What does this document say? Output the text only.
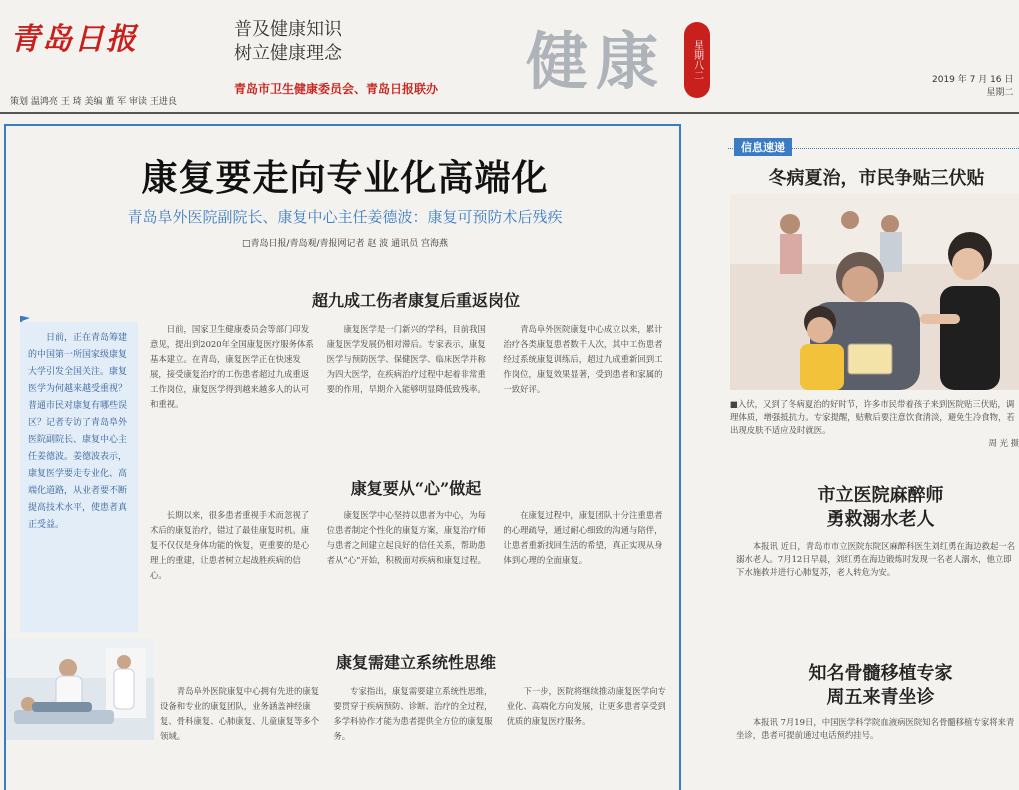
青岛日报
策划 温鸿亮 王 琦 美编 董 军 审读 王进良
普及健康知识
树立健康理念
青岛市卫生健康委员会、青岛日报联办 健康	星期八二	2019 年 7 月 16 日
星期二
康复要走向专业化高端化
青岛阜外医院副院长、康复中心主任姜德波：康复可预防术后残疾
□青岛日报/青岛观/青报网记者 赵 波 通讯员 宫海燕

日前，正在青岛筹建的中国第一所国家级康复大学引发全国关注。康复医学为何越来越受重视？普通市民对康复有哪些误区？记者专访了青岛阜外医院副院长、康复中心主任姜德波。姜德波表示，康复医学要走专业化、高端化道路，从业者要不断提高技术水平，使患者真正受益。

超九成工伤者康复后重返岗位

日前，国家卫生健康委员会等部门印发意见，提出到2020年全国康复医疗服务体系基本建立。在青岛，康复医学正在快速发展，接受康复治疗的工伤患者超过九成重返工作岗位，康复医学得到越来越多人的认可和重视。

康复医学是一门新兴的学科，目前我国康复医学发展仍相对滞后。专家表示，康复医学与预防医学、保健医学、临床医学并称为四大医学，在疾病治疗过程中起着非常重要的作用，早期介入能够明显降低致残率。

青岛阜外医院康复中心成立以来，累计治疗各类康复患者数千人次，其中工伤患者经过系统康复训练后，超过九成重新回到工作岗位，康复效果显著，受到患者和家属的一致好评。

康复要从“心”做起

长期以来，很多患者重视手术而忽视了术后的康复治疗，错过了最佳康复时机。康复不仅仅是身体功能的恢复，更重要的是心理上的重建，让患者树立起战胜疾病的信心。

康复医学中心坚持以患者为中心，为每位患者制定个性化的康复方案，康复治疗师与患者之间建立起良好的信任关系，帮助患者从“心”开始，积极面对疾病和康复过程。

在康复过程中，康复团队十分注重患者的心理疏导，通过耐心细致的沟通与陪伴，让患者重新找回生活的希望，真正实现从身体到心理的全面康复。

康复需建立系统性思维

青岛阜外医院康复中心拥有先进的康复设备和专业的康复团队，业务涵盖神经康复、骨科康复、心肺康复、儿童康复等多个领域。

专家指出，康复需要建立系统性思维，要贯穿于疾病预防、诊断、治疗的全过程，多学科协作才能为患者提供全方位的康复服务。

下一步，医院将继续推动康复医学向专业化、高端化方向发展，让更多患者享受到优质的康复医疗服务。

信息速递
冬病夏治，市民争贴三伏贴
■入伏，又到了冬病夏治的好时节，许多市民带着孩子来到医院贴三伏贴，调理体质，增强抵抗力。专家提醒，贴敷后要注意饮食清淡，避免生冷食物，若出现皮肤不适应及时就医。
周 光 摄
市立医院麻醉师
勇救溺水老人

本报讯 近日，青岛市市立医院东院区麻醉科医生刘红勇在海边救起一名溺水老人。7月12日早晨，刘红勇在海边锻炼时发现一名老人溺水，他立即下水施救并进行心肺复苏，老人转危为安。

知名骨髓移植专家
周五来青坐诊

本报讯 7月19日，中国医学科学院血液病医院知名骨髓移植专家将来青坐诊，患者可提前通过电话预约挂号。
